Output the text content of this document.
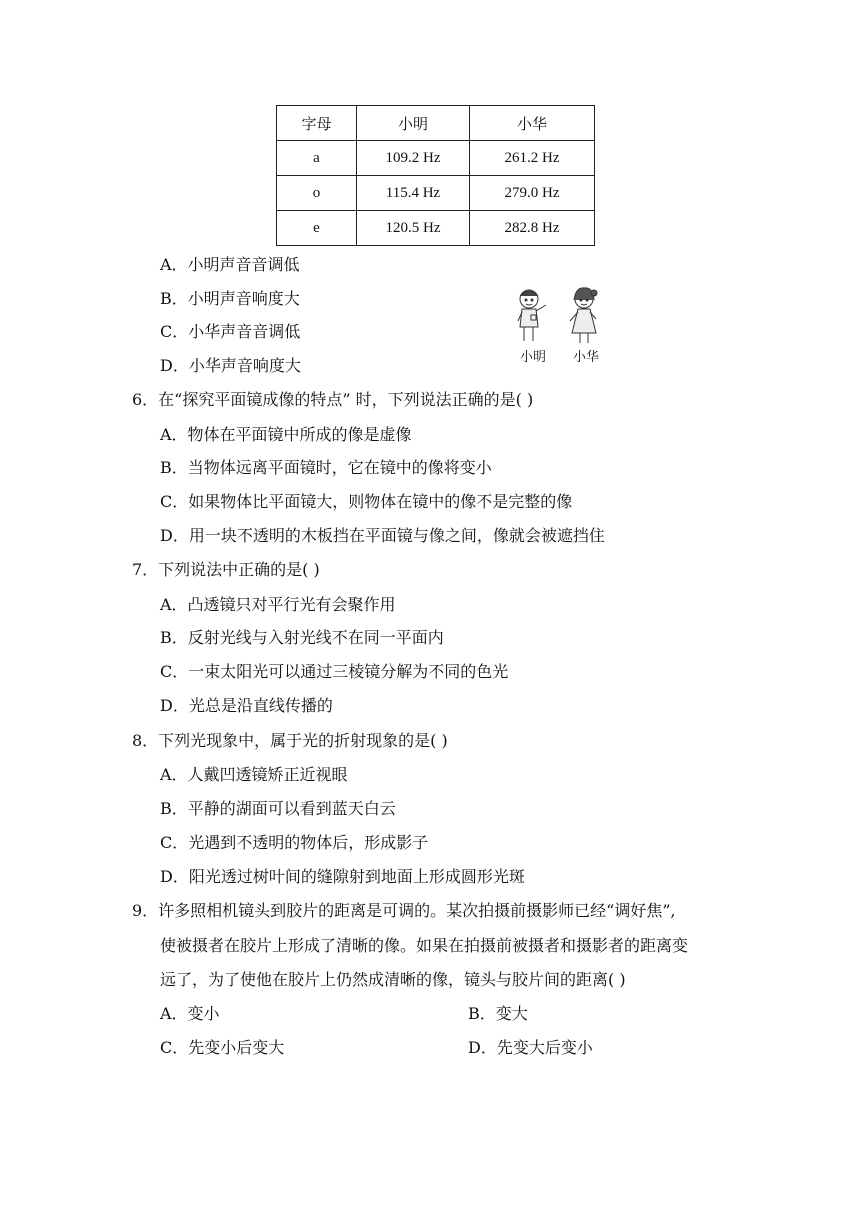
字母	小明	小华
a	109.2 Hz	261.2 Hz
o	115.4 Hz	279.0 Hz
e	120.5 Hz	282.8 Hz
A．小明声音音调低
B．小明声音响度大
C．小华声音音调低
D．小华声音响度大	小明 小华
6．在“探究平面镜成像的特点” 时，下列说法正确的是( )
A．物体在平面镜中所成的像是虚像
B．当物体远离平面镜时，它在镜中的像将变小
C．如果物体比平面镜大，则物体在镜中的像不是完整的像
D．用一块不透明的木板挡在平面镜与像之间，像就会被遮挡住
7．下列说法中正确的是( )
A．凸透镜只对平行光有会聚作用
B．反射光线与入射光线不在同一平面内
C．一束太阳光可以通过三棱镜分解为不同的色光
D．光总是沿直线传播的
8．下列光现象中，属于光的折射现象的是( )
A．人戴凹透镜矫正近视眼
B．平静的湖面可以看到蓝天白云
C．光遇到不透明的物体后，形成影子
D．阳光透过树叶间的缝隙射到地面上形成圆形光斑
9．许多照相机镜头到胶片的距离是可调的。某次拍摄前摄影师已经“调好焦”,
使被摄者在胶片上形成了清晰的像。如果在拍摄前被摄者和摄影者的距离变
远了，为了使他在胶片上仍然成清晰的像，镜头与胶片间的距离( )
A．变小	B．变大
C．先变小后变大	D．先变大后变小
